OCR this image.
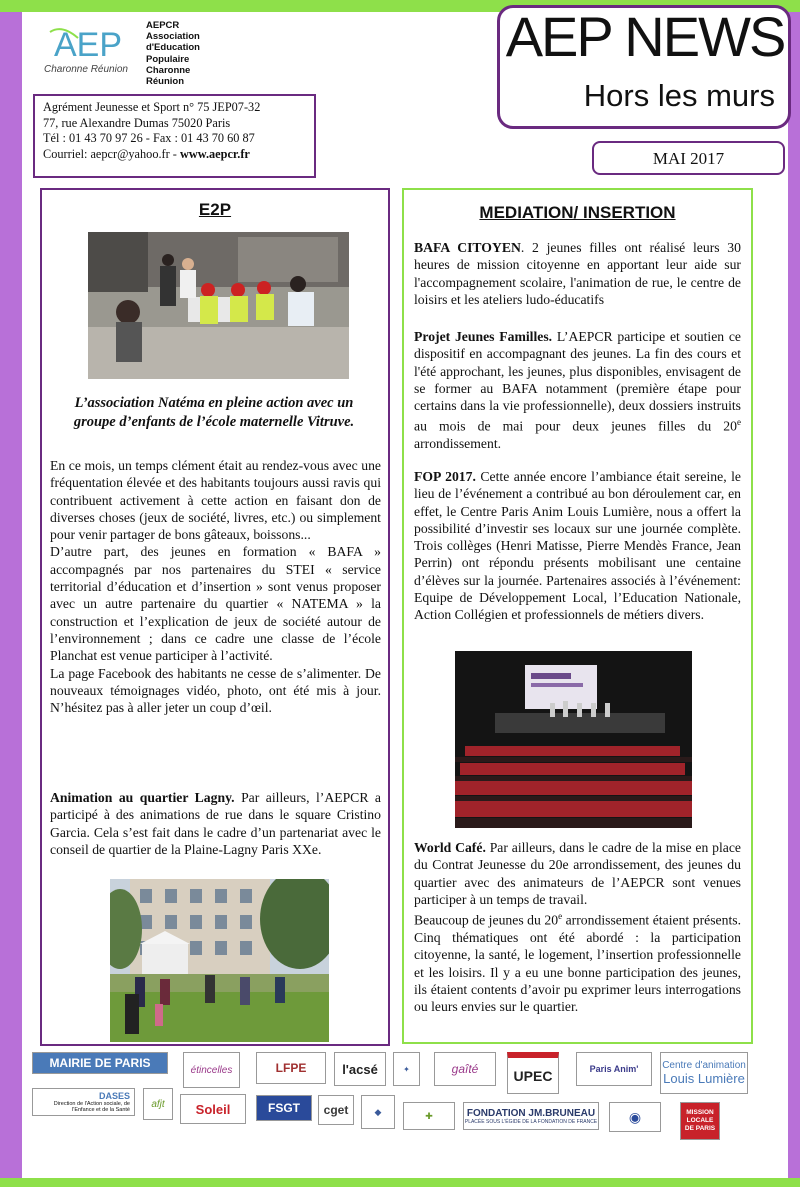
AEP
Charonne Réunion
AEPCR
Association
d'Education
Populaire
Charonne
Réunion
Agrément Jeunesse et Sport n° 75 JEP07-32
77, rue Alexandre Dumas 75020 Paris
Tél : 01 43 70 97 26 - Fax : 01 43 70 60 87
Courriel: aepcr@yahoo.fr - www.aepcr.fr
AEP NEWS
Hors les murs
MAI 2017
E2P
L’association Natéma en pleine action avec un groupe d’enfants de l’école maternelle Vitruve.

En ce mois, un temps clément était au rendez-vous avec une fréquentation élevée et des habitants toujours aussi ravis qui contribuent activement à cette action en faisant don de diverses choses (jeux de société, livres, etc.) ou simplement pour venir partager de bons gâteaux, boissons...

D’autre part, des jeunes en formation « BAFA » accompagnés par nos partenaires du STEI « service territorial d’éducation et d’insertion » sont venus proposer avec un autre partenaire du quartier « NATEMA » la construction et l’explication de jeux de société autour de l’environnement ; dans ce cadre une classe de l’école Planchat est venue participer à l’activité.

La page Facebook des habitants ne cesse de s’alimenter. De nouveaux témoignages vidéo, photo, ont été mis à jour. N’hésitez pas à aller jeter un coup d’œil.

Animation au quartier Lagny. Par ailleurs, l’AEPCR a participé à des animations de rue dans le square Cristino Garcia. Cela s’est fait dans le cadre d’un partenariat avec le conseil de quartier de la Plaine-Lagny Paris XXe.

MEDIATION/ INSERTION

BAFA CITOYEN. 2 jeunes filles ont réalisé leurs 30 heures de mission citoyenne en apportant leur aide sur l'accompagnement scolaire, l'animation de rue, le centre de loisirs et les ateliers ludo-éducatifs

Projet Jeunes Familles. L’AEPCR participe et soutien ce dispositif en accompagnant des jeunes. La fin des cours et l'été approchant, les jeunes, plus disponibles, envisagent de se former au BAFA notamment (première étape pour certains dans la vie professionnelle), deux dossiers instruits au mois de mai pour deux jeunes filles du 20e arrondissement.

FOP 2017. Cette année encore l’ambiance était sereine, le lieu de l’événement a contribué au bon déroulement car, en effet, le Centre Paris Anim Louis Lumière, nous a offert la possibilité d’investir ses locaux sur une journée complète. Trois collèges (Henri Matisse, Pierre Mendès France, Jean Perrin) ont répondu présents mobilisant une centaine d’élèves sur la journée. Partenaires associés à l’événement: Equipe de Développement Local, l’Education Nationale, Action Collégien et professionnels de métiers divers.

World Café. Par ailleurs, dans le cadre de la mise en place du Contrat Jeunesse du 20e arrondissement, des jeunes du quartier avec des animateurs de l’AEPCR sont venues participer à un temps de travail.

Beaucoup de jeunes du 20e arrondissement étaient présents. Cinq thématiques ont été abordé : la participation citoyenne, la santé, le logement, l’insertion professionnelle et les loisirs. Il y a eu une bonne participation des jeunes, ils étaient contents d’avoir pu exprimer leurs interrogations ou leurs envies sur le quartier.

MAIRIE DE PARIS	étincelles	LFPE	l'acsé	✦	gaîté	UPEC	Paris Anim'	Centre d'animation
Louis Lumière
DASES
Direction de l'Action sociale, de l'Enfance et de la Santé
afjt	Soleil	FSGT	cget	◆	✚	FONDATION JM.BRUNEAU
PLACÉE SOUS L'ÉGIDE DE LA FONDATION DE FRANCE	◉	MISSION
LOCALE
DE PARIS
